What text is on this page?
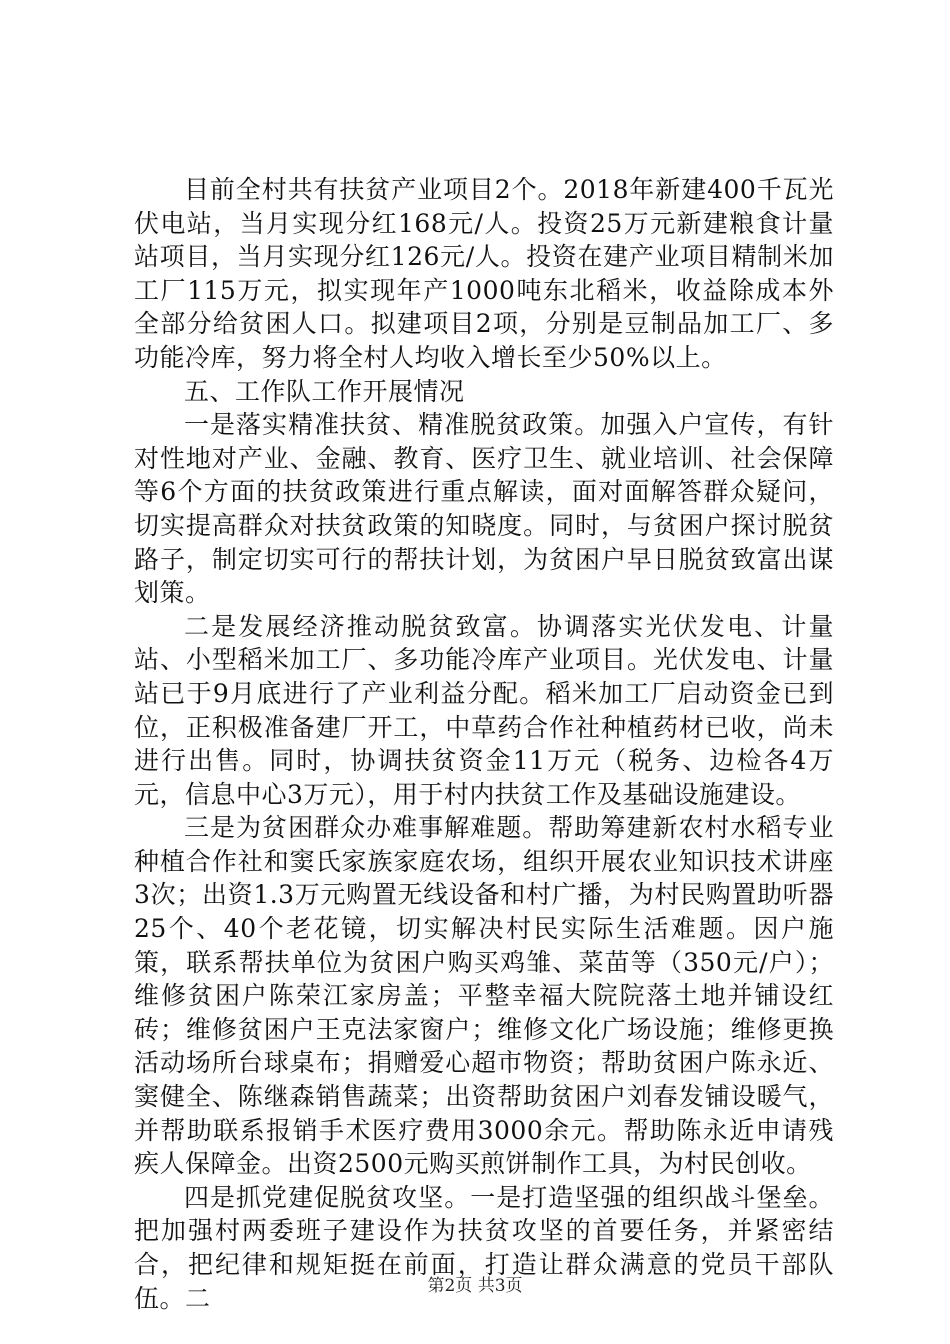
目前全村共有扶贫产业项目2个。2018年新建400千瓦光伏电站，当月实现分红168元/人。投资25万元新建粮食计量站项目，当月实现分红126元/人。投资在建产业项目精制米加工厂115万元，拟实现年产1000吨东北稻米，收益除成本外全部分给贫困人口。拟建项目2项，分别是豆制品加工厂、多功能冷库，努力将全村人均收入增长至少50%以上。

五、工作队工作开展情况

一是落实精准扶贫、精准脱贫政策。加强入户宣传，有针对性地对产业、金融、教育、医疗卫生、就业培训、社会保障等6个方面的扶贫政策进行重点解读，面对面解答群众疑问，切实提高群众对扶贫政策的知晓度。同时，与贫困户探讨脱贫路子，制定切实可行的帮扶计划，为贫困户早日脱贫致富出谋划策。

二是发展经济推动脱贫致富。协调落实光伏发电、计量站、小型稻米加工厂、多功能冷库产业项目。光伏发电、计量站已于9月底进行了产业利益分配。稻米加工厂启动资金已到位，正积极准备建厂开工，中草药合作社种植药材已收，尚未进行出售。同时，协调扶贫资金11万元（税务、边检各4万元，信息中心3万元），用于村内扶贫工作及基础设施建设。

三是为贫困群众办难事解难题。帮助筹建新农村水稻专业种植合作社和窦氏家族家庭农场，组织开展农业知识技术讲座3次；出资1.3万元购置无线设备和村广播，为村民购置助听器25个、40个老花镜，切实解决村民实际生活难题。因户施策，联系帮扶单位为贫困户购买鸡雏、菜苗等（350元/户）；维修贫困户陈荣江家房盖；平整幸福大院院落土地并铺设红砖；维修贫困户王克法家窗户；维修文化广场设施；维修更换活动场所台球桌布；捐赠爱心超市物资；帮助贫困户陈永近、窦健全、陈继森销售蔬菜；出资帮助贫困户刘春发铺设暖气，并帮助联系报销手术医疗费用3000余元。帮助陈永近申请残疾人保障金。出资2500元购买煎饼制作工具，为村民创收。

四是抓党建促脱贫攻坚。一是打造坚强的组织战斗堡垒。把加强村两委班子建设作为扶贫攻坚的首要任务，并紧密结合，把纪律和规矩挺在前面，打造让群众满意的党员干部队伍。二	第2页 共3页
